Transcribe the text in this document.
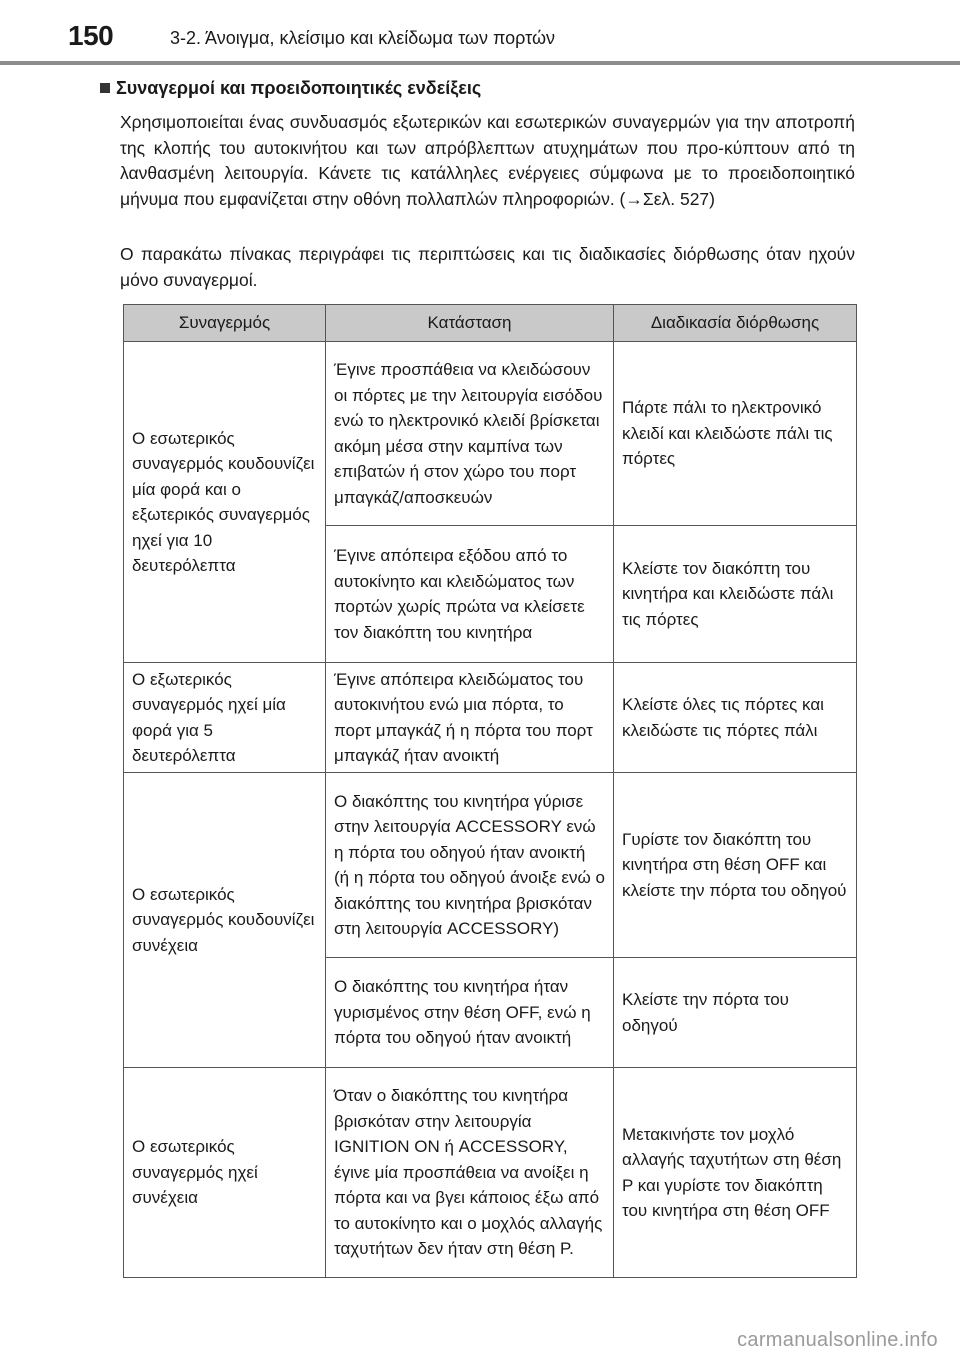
150	3-2. Άνοιγμα, κλείσιμο και κλείδωμα των πορτών
Συναγερμοί και προειδοποιητικές ενδείξεις
Χρησιμοποιείται ένας συνδυασμός εξωτερικών και εσωτερικών συναγερμών για την αποτροπή της κλοπής του αυτοκινήτου και των απρόβλεπτων ατυχημάτων που προ-κύπτουν από τη λανθασμένη λειτουργία. Κάνετε τις κατάλληλες ενέργειες σύμφωνα με το προειδοποιητικό μήνυμα που εμφανίζεται στην οθόνη πολλαπλών πληροφοριών. (→Σελ. 527)
Ο παρακάτω πίνακας περιγράφει τις περιπτώσεις και τις διαδικασίες διόρθωσης όταν ηχούν μόνο συναγερμοί.
Συναγερμός	Κατάσταση	Διαδικασία διόρθωσης
Ο εσωτερικός συναγερμός κουδουνίζει μία φορά και ο εξωτερικός συναγερμός ηχεί για 10 δευτερόλεπτα	Έγινε προσπάθεια να κλειδώσουν οι πόρτες με την λειτουργία εισόδου ενώ το ηλεκτρονικό κλειδί βρίσκεται ακόμη μέσα στην καμπίνα των επιβατών ή στον χώρο του πορτ μπαγκάζ/αποσκευών	Πάρτε πάλι το ηλεκτρονικό κλειδί και κλειδώστε πάλι τις πόρτες
	Έγινε απόπειρα εξόδου από το αυτοκίνητο και κλειδώματος των πορτών χωρίς πρώτα να κλείσετε τον διακόπτη του κινητήρα	Κλείστε τον διακόπτη του κινητήρα και κλειδώστε πάλι τις πόρτες
Ο εξωτερικός συναγερμός ηχεί μία φορά για 5 δευτερόλεπτα	Έγινε απόπειρα κλειδώματος του αυτοκινήτου ενώ μια πόρτα, το πορτ μπαγκάζ ή η πόρτα του πορτ μπαγκάζ ήταν ανοικτή	Κλείστε όλες τις πόρτες και κλειδώστε τις πόρτες πάλι
Ο εσωτερικός συναγερμός κουδουνίζει συνέχεια	Ο διακόπτης του κινητήρα γύρισε στην λειτουργία ACCESSORY ενώ η πόρτα του οδηγού ήταν ανοικτή (ή η πόρτα του οδηγού άνοιξε ενώ ο διακόπτης του κινητήρα βρισκόταν στη λειτουργία ACCESSORY)	Γυρίστε τον διακόπτη του κινητήρα στη θέση OFF και κλείστε την πόρτα του οδηγού
	Ο διακόπτης του κινητήρα ήταν γυρισμένος στην θέση OFF, ενώ η πόρτα του οδηγού ήταν ανοικτή	Κλείστε την πόρτα του οδηγού
Ο εσωτερικός συναγερμός ηχεί συνέχεια	Όταν ο διακόπτης του κινητήρα βρισκόταν στην λειτουργία IGNITION ON ή ACCESSORY, έγινε μία προσπάθεια να ανοίξει η πόρτα και να βγει κάποιος έξω από το αυτοκίνητο και ο μοχλός αλλαγής ταχυτήτων δεν ήταν στη θέση P.	Μετακινήστε τον μοχλό αλλαγής ταχυτήτων στη θέση P και γυρίστε τον διακόπτη του κινητήρα στη θέση OFF
carmanualsonline.info
